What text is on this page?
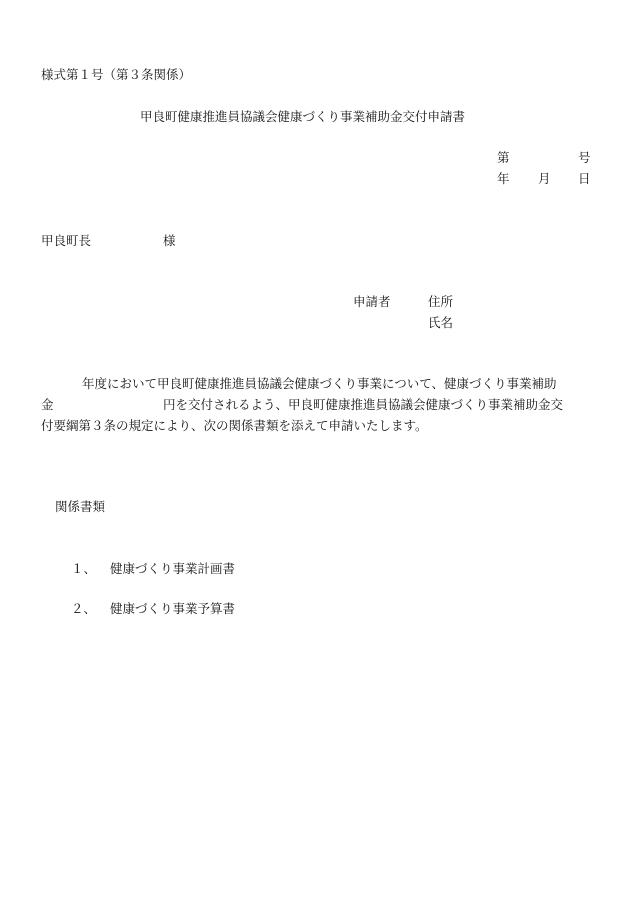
様式第１号（第３条関係）
甲良町健康推進員協議会健康づくり事業補助金交付申請書
第	号
年 月 日
甲良町長	様
申請者	住所
氏名
年度において甲良町健康推進員協議会健康づくり事業について、健康づくり事業補助
金	円を交付されるよう、甲良町健康推進員協議会健康づくり事業補助金交
付要綱第３条の規定により、次の関係書類を添えて申請いたします。
関係書類
１、 健康づくり事業計画書
２、 健康づくり事業予算書
